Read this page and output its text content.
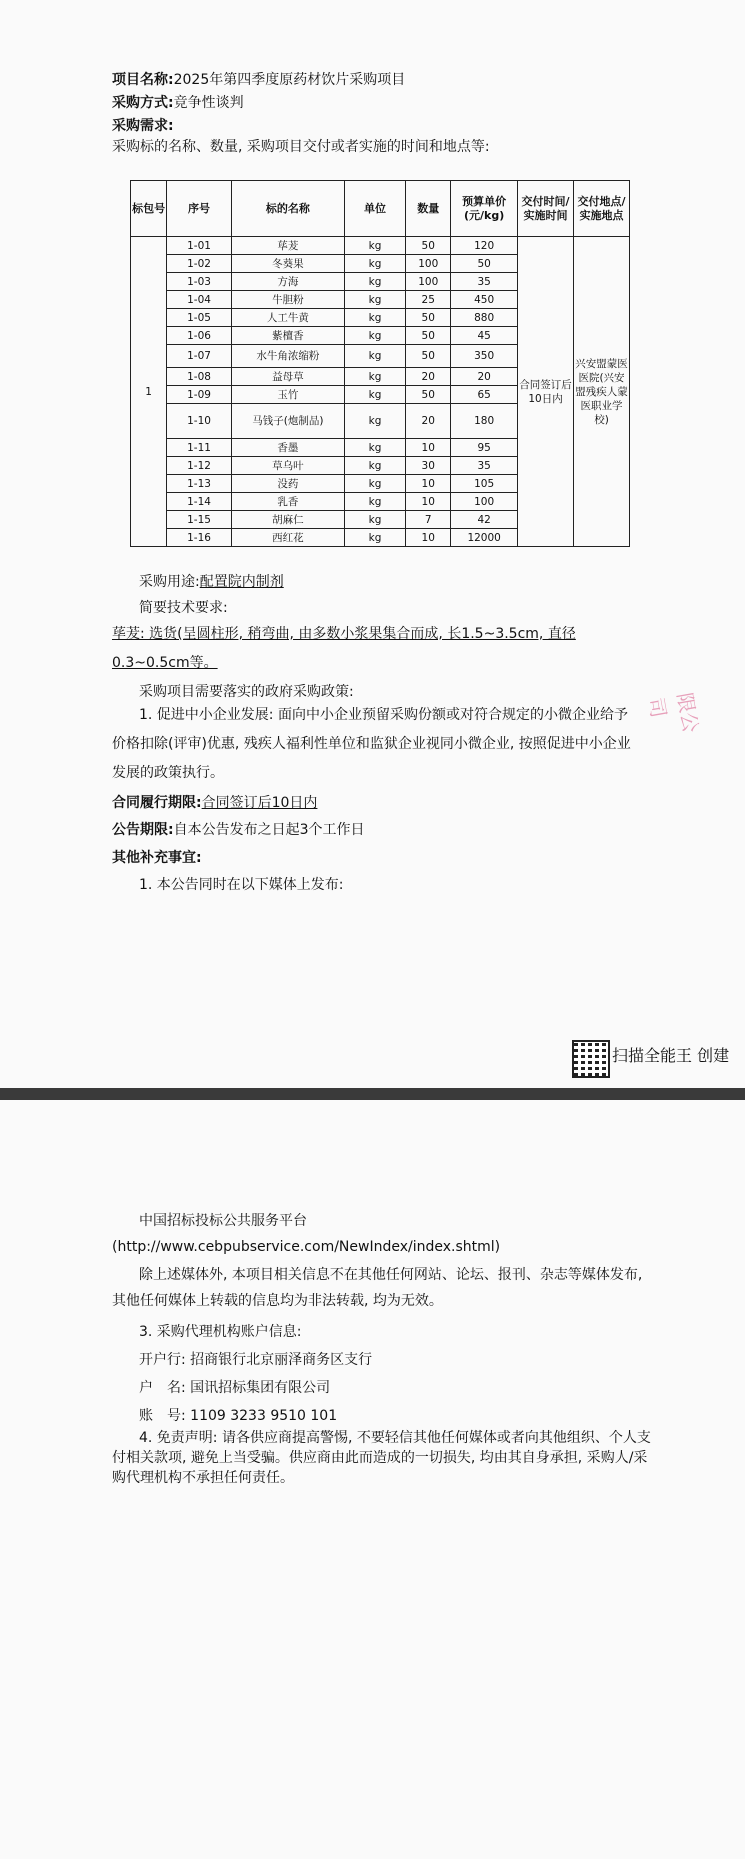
项目名称:2025年第四季度原药材饮片采购项目
采购方式:竞争性谈判
采购需求:
采购标的名称、数量, 采购项目交付或者实施的时间和地点等:
标包号	序号	标的名称	单位	数量	预算单价(元/kg)	交付时间/实施时间	交付地点/实施地点
1	1-01	荜茇	kg	50	120	合同签订后10日内	兴安盟蒙医医院(兴安盟残疾人蒙医职业学校)
	1-02	冬葵果	kg	100	50		
	1-03	方海	kg	100	35		
	1-04	牛胆粉	kg	25	450		
	1-05	人工牛黄	kg	50	880		
	1-06	紫檀香	kg	50	45		
	1-07	水牛角浓缩粉	kg	50	350		
	1-08	益母草	kg	20	20		
	1-09	玉竹	kg	50	65		
	1-10	马钱子(炮制品)	kg	20	180		
	1-11	香墨	kg	10	95		
	1-12	草乌叶	kg	30	35		
	1-13	没药	kg	10	105		
	1-14	乳香	kg	10	100		
	1-15	胡麻仁	kg	7	42		
	1-16	西红花	kg	10	12000		
采购用途:配置院内制剂
简要技术要求:
荜茇: 选货(呈圆柱形, 稍弯曲, 由多数小浆果集合而成, 长1.5~3.5cm, 直径0.3~0.5cm等。
采购项目需要落实的政府采购政策:
1. 促进中小企业发展: 面向中小企业预留采购份额或对符合规定的小微企业给予价格扣除(评审)优惠, 残疾人福利性单位和监狱企业视同小微企业, 按照促进中小企业发展的政策执行。
合同履行期限:合同签订后10日内
公告期限:自本公告发布之日起3个工作日
其他补充事宜:
1. 本公告同时在以下媒体上发布:
限公司
扫描全能王 创建
中国招标投标公共服务平台(http://www.cebpubservice.com/NewIndex/index.shtml)
除上述媒体外, 本项目相关信息不在其他任何网站、论坛、报刊、杂志等媒体发布, 其他任何媒体上转载的信息均为非法转载, 均为无效。
3. 采购代理机构账户信息:
开户行: 招商银行北京丽泽商务区支行
户　名: 国讯招标集团有限公司
账　号: 1109 3233 9510 101
4. 免责声明: 请各供应商提高警惕, 不要轻信其他任何媒体或者向其他组织、个人支付相关款项, 避免上当受骗。供应商由此而造成的一切损失, 均由其自身承担, 采购人/采购代理机构不承担任何责任。
